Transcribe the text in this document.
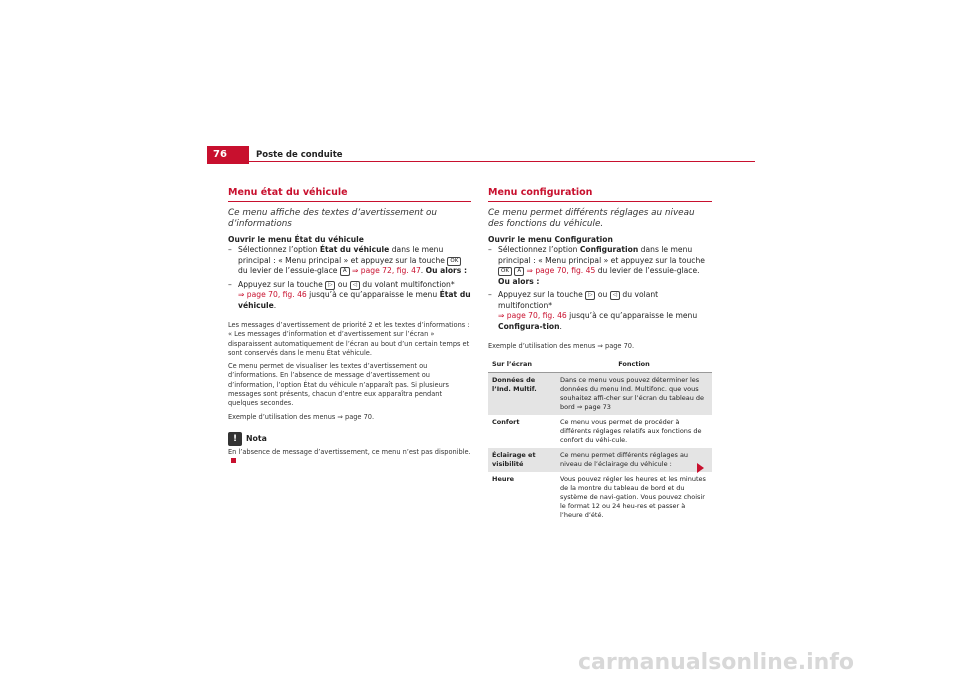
76	Poste de conduite
Menu état du véhicule
Ce menu affiche des textes d’avertissement ou d’informations

Ouvrir le menu État du véhicule

– Sélectionnez l’option État du véhicule dans le menu principal : « Menu principal » et appuyez sur la touche OK du levier de l’essuie-glace A ⇒ page 72, fig. 47. Ou alors :
– Appuyez sur la touche ▷ ou ◁ du volant multifonction*
⇒ page 70, fig. 46 jusqu’à ce qu’apparaisse le menu État du véhicule.

Les messages d’avertissement de priorité 2 et les textes d’informations : « Les messages d’information et d’avertissement sur l’écran » disparaissent automatiquement de l’écran au bout d’un certain temps et sont conservés dans le menu État véhicule.

Ce menu permet de visualiser les textes d’avertissement ou d’informations. En l’absence de message d’avertissement ou d’information, l’option État du véhicule n’apparaît pas. Si plusieurs messages sont présents, chacun d’entre eux apparaîtra pendant quelques secondes.

Exemple d’utilisation des menus ⇒ page 70.

!	Nota
En l’absence de message d’avertissement, ce menu n’est pas disponible.
Menu configuration
Ce menu permet différents réglages au niveau des fonctions du véhicule.

Ouvrir le menu Configuration

– Sélectionnez l’option Configuration dans le menu principal : « Menu principal » et appuyez sur la touche OK A ⇒ page 70, fig. 45 du levier de l’essuie-glace. Ou alors :
– Appuyez sur la touche ▷ ou ◁ du volant multifonction*
⇒ page 70, fig. 46 jusqu’à ce qu’apparaisse le menu Configura-tion.
Exemple d’utilisation des menus ⇒ page 70.
Sur l’écran	Fonction
Données de l’Ind. Multif.	Dans ce menu vous pouvez déterminer les données du menu Ind. Multifonc. que vous souhaitez affi-cher sur l’écran du tableau de bord ⇒ page 73
Confort	Ce menu vous permet de procéder à différents réglages relatifs aux fonctions de confort du véhi-cule.
Éclairage et visibilité	Ce menu permet différents réglages au niveau de l’éclairage du véhicule :
Heure	Vous pouvez régler les heures et les minutes de la montre du tableau de bord et du système de navi-gation. Vous pouvez choisir le format 12 ou 24 heu-res et passer à l’heure d’été.
carmanualsonline.info
